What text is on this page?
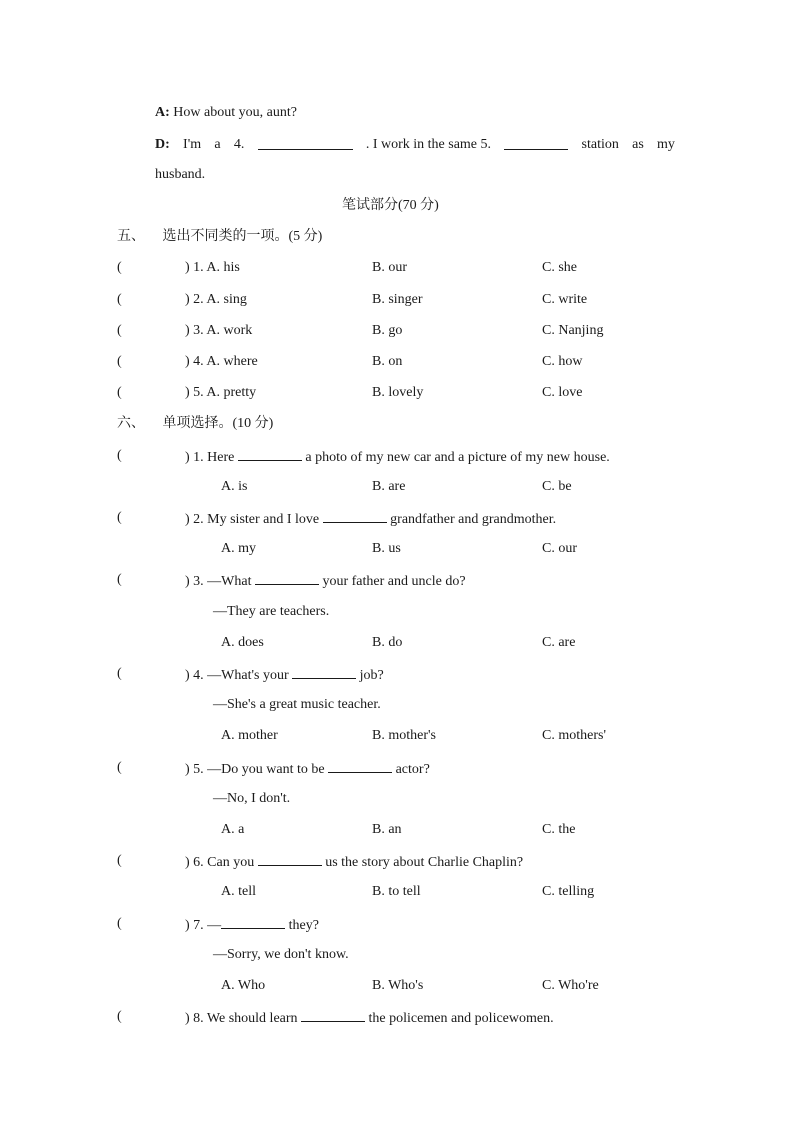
A: How about you, aunt?
D: I'm a 4.	. I work in the same 5.	station as my
husband.
笔试部分(70 分)
五、 选出不同类的一项。(5 分)
(	) 1. A. his	B. our	C. she
(	) 2. A. sing	B. singer	C. write
(	) 3. A. work	B. go	C. Nanjing
(	) 4. A. where	B. on	C. how
(	) 5. A. pretty	B. lovely	C. love
六、 单项选择。(10 分)
(	) 1. Here	a photo of my new car and a picture of my new house.
A. is	B. are	C. be
(	) 2. My sister and I love	grandfather and grandmother.
A. my	B. us	C. our
(	) 3. —What	your father and uncle do?
—They are teachers.
A. does	B. do	C. are
(	) 4. —What's your	job?
—She's a great music teacher.
A. mother	B. mother's	C. mothers'
(	) 5. —Do you want to be	actor?
—No, I don't.
A. a	B. an	C. the
(	) 6. Can you	us the story about Charlie Chaplin?
A. tell	B. to tell	C. telling
(	) 7. —	they?
—Sorry, we don't know.
A. Who	B. Who's	C. Who're
(	) 8. We should learn	the policemen and policewomen.
